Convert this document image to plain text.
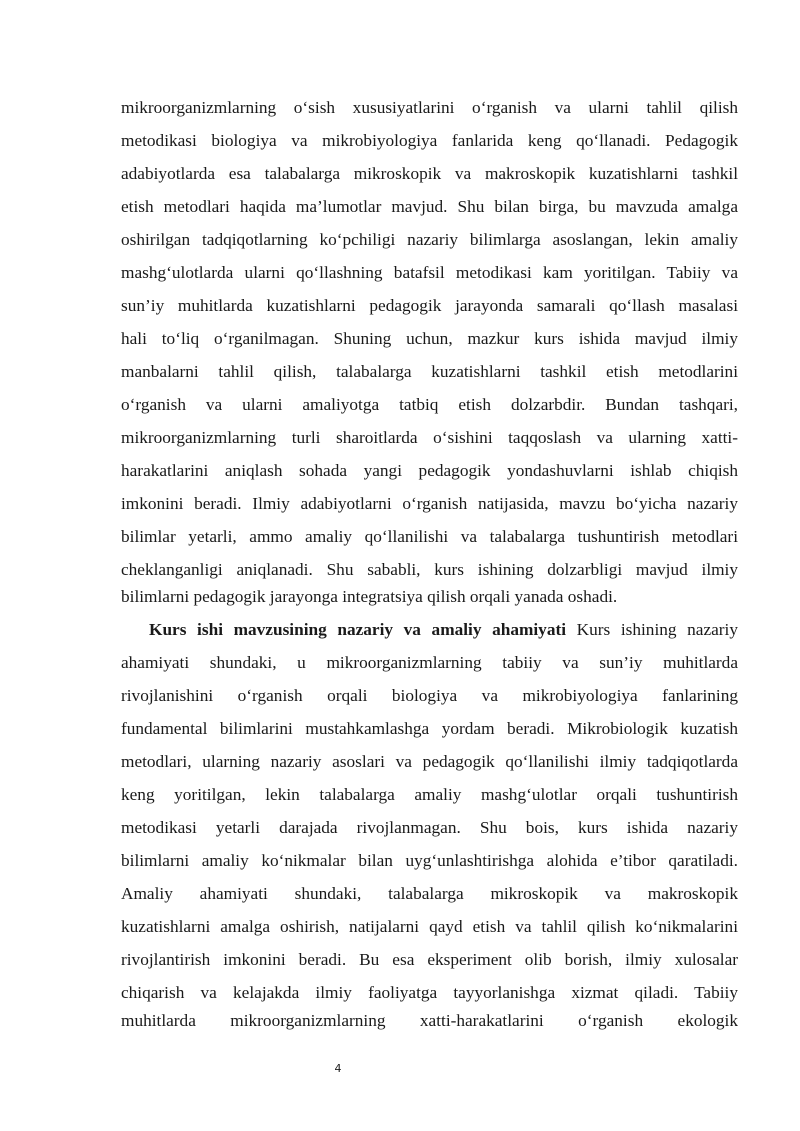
mikroorganizmlarning o‘sish xususiyatlarini o‘rganish va ularni tahlil qilish
metodikasi biologiya va mikrobiyologiya fanlarida keng qo‘llanadi. Pedagogik
adabiyotlarda esa talabalarga mikroskopik va makroskopik kuzatishlarni tashkil
etish metodlari haqida ma’lumotlar mavjud. Shu bilan birga, bu mavzuda amalga
oshirilgan tadqiqotlarning ko‘pchiligi nazariy bilimlarga asoslangan, lekin amaliy
mashg‘ulotlarda ularni qo‘llashning batafsil metodikasi kam yoritilgan. Tabiiy va
sun’iy muhitlarda kuzatishlarni pedagogik jarayonda samarali qo‘llash masalasi
hali to‘liq o‘rganilmagan. Shuning uchun, mazkur kurs ishida mavjud ilmiy
manbalarni tahlil qilish, talabalarga kuzatishlarni tashkil etish metodlarini
o‘rganish va ularni amaliyotga tatbiq etish dolzarbdir. Bundan tashqari,
mikroorganizmlarning turli sharoitlarda o‘sishini taqqoslash va ularning xatti-
harakatlarini aniqlash sohada yangi pedagogik yondashuvlarni ishlab chiqish
imkonini beradi. Ilmiy adabiyotlarni o‘rganish natijasida, mavzu bo‘yicha nazariy
bilimlar yetarli, ammo amaliy qo‘llanilishi va talabalarga tushuntirish metodlari
cheklanganligi aniqlanadi. Shu sababli, kurs ishining dolzarbligi mavjud ilmiy
bilimlarni pedagogik jarayonga integratsiya qilish orqali yanada oshadi.
Kurs ishi mavzusining nazariy va amaliy ahamiyati Kurs ishining nazariy
ahamiyati shundaki, u mikroorganizmlarning tabiiy va sun’iy muhitlarda
rivojlanishini o‘rganish orqali biologiya va mikrobiyologiya fanlarining
fundamental bilimlarini mustahkamlashga yordam beradi. Mikrobiologik kuzatish
metodlari, ularning nazariy asoslari va pedagogik qo‘llanilishi ilmiy tadqiqotlarda
keng yoritilgan, lekin talabalarga amaliy mashg‘ulotlar orqali tushuntirish
metodikasi yetarli darajada rivojlanmagan. Shu bois, kurs ishida nazariy
bilimlarni amaliy ko‘nikmalar bilan uyg‘unlashtirishga alohida e’tibor qaratiladi.
Amaliy ahamiyati shundaki, talabalarga mikroskopik va makroskopik
kuzatishlarni amalga oshirish, natijalarni qayd etish va tahlil qilish ko‘nikmalarini
rivojlantirish imkonini beradi. Bu esa eksperiment olib borish, ilmiy xulosalar
chiqarish va kelajakda ilmiy faoliyatga tayyorlanishga xizmat qiladi. Tabiiy
muhitlarda mikroorganizmlarning xatti-harakatlarini o‘rganish ekologik
4
